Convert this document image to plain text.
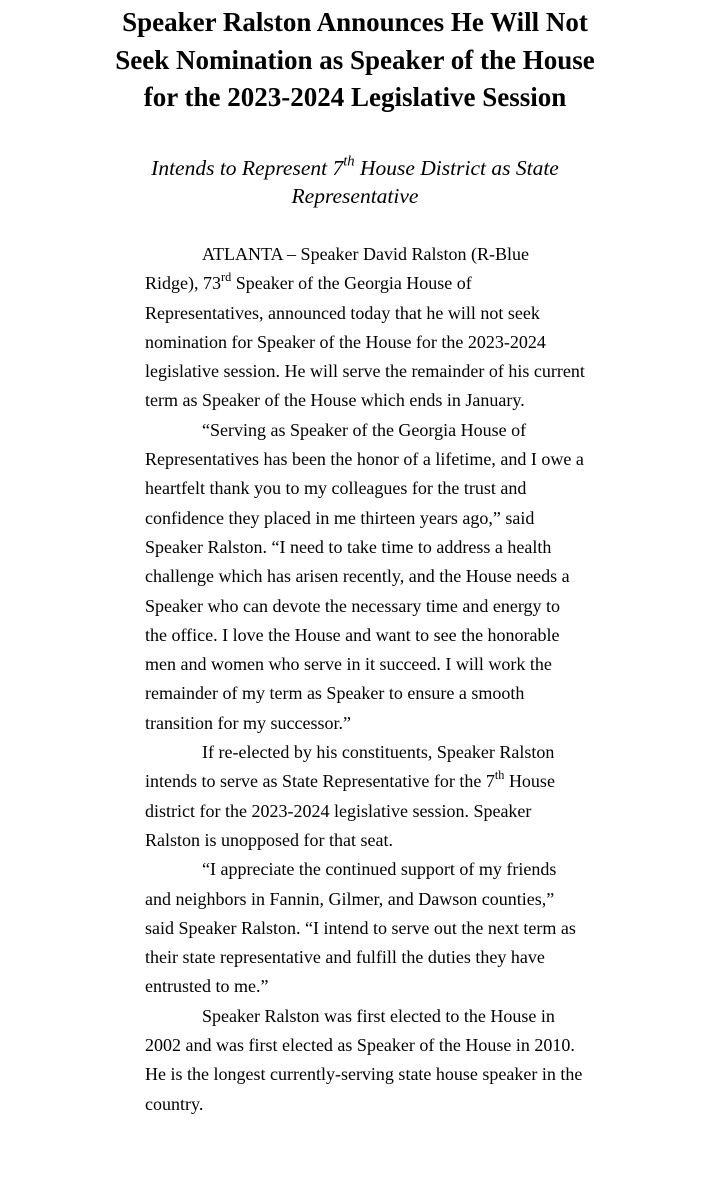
Speaker Ralston Announces He Will Not Seek Nomination as Speaker of the House for the 2023-2024 Legislative Session

Intends to Represent 7th House District as State Representative

ATLANTA – Speaker David Ralston (R-Blue Ridge), 73rd Speaker of the Georgia House of Representatives, announced today that he will not seek nomination for Speaker of the House for the 2023-2024 legislative session. He will serve the remainder of his current term as Speaker of the House which ends in January.

“Serving as Speaker of the Georgia House of Representatives has been the honor of a lifetime, and I owe a heartfelt thank you to my colleagues for the trust and confidence they placed in me thirteen years ago,” said Speaker Ralston. “I need to take time to address a health challenge which has arisen recently, and the House needs a Speaker who can devote the necessary time and energy to the office. I love the House and want to see the honorable men and women who serve in it succeed. I will work the remainder of my term as Speaker to ensure a smooth transition for my successor.”

If re-elected by his constituents, Speaker Ralston intends to serve as State Representative for the 7th House district for the 2023-2024 legislative session. Speaker Ralston is unopposed for that seat.

“I appreciate the continued support of my friends and neighbors in Fannin, Gilmer, and Dawson counties,” said Speaker Ralston. “I intend to serve out the next term as their state representative and fulfill the duties they have entrusted to me.”

Speaker Ralston was first elected to the House in 2002 and was first elected as Speaker of the House in 2010. He is the longest currently-serving state house speaker in the country.
